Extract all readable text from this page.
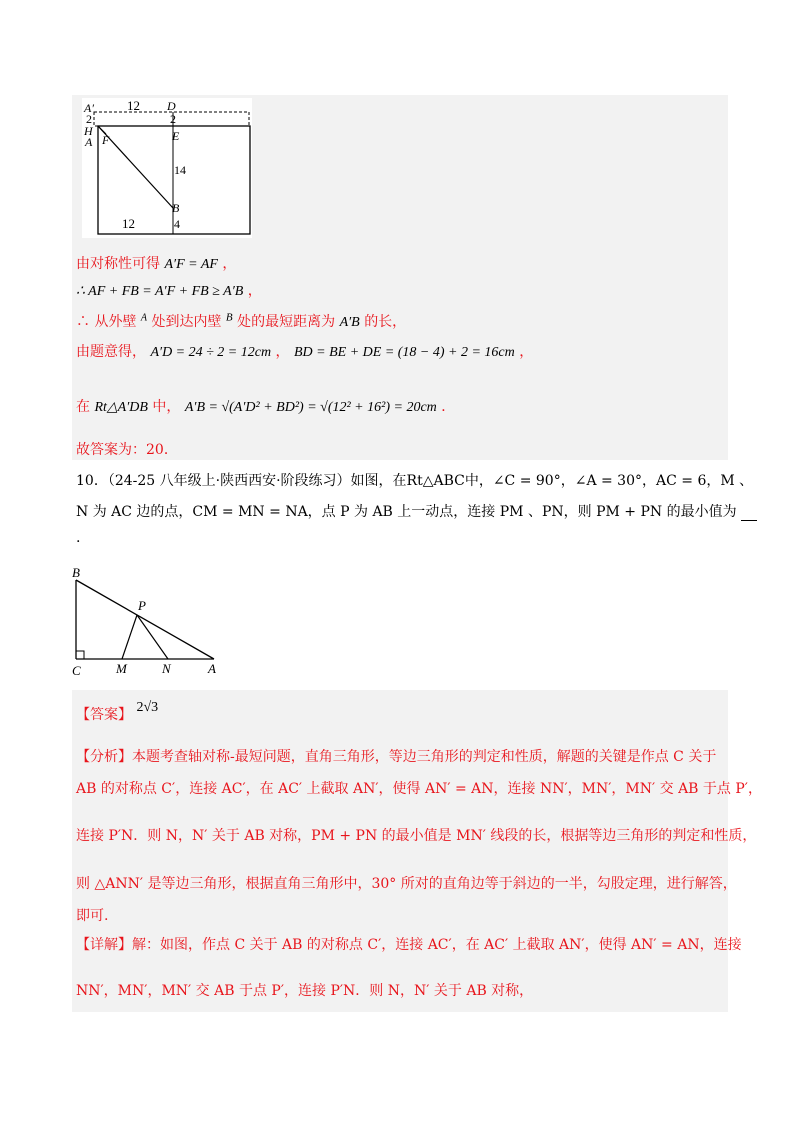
A′
2
H
A F
12 D
2
E
14
B
4
12
由对称性可得 A′F = AF ，
∴ AF + FB = A′F + FB ≥ A′B ，
∴ 从外壁 $^A$ 处到达内壁 $^B$ 处的最短距离为 A′B 的长，
由题意得， A′D = 24 ÷ 2 = 12cm ， BD = BE + DE = (18 − 4) + 2 = 16cm ，
在 Rt△A′DB 中， A′B = √(A′D² + BD²) = √(12² + 16²) = 20cm ．
故答案为：20．
10．（24-25 八年级上·陕西西安·阶段练习）如图，在Rt△ABC中，∠C = 90°，∠A = 30°，AC = 6，M 、
N 为 AC 边的点，CM = MN = NA，点 P 为 AB 上一动点，连接 PM 、PN，则 PM + PN 的最小值为
.
B
P
C	M	N	A
【答案】 2√3
【分析】本题考查轴对称-最短问题，直角三角形，等边三角形的判定和性质，解题的关键是作点 C 关于
AB 的对称点 C′，连接 AC′，在 AC′ 上截取 AN′，使得 AN′ = AN，连接 NN′，MN′，MN′ 交 AB 于点 P′，
连接 P′N．则 N，N′ 关于 AB 对称，PM + PN 的最小值是 MN′ 线段的长，根据等边三角形的判定和性质，
则 △ANN′ 是等边三角形，根据直角三角形中，30° 所对的直角边等于斜边的一半，勾股定理，进行解答，
即可.
【详解】解：如图，作点 C 关于 AB 的对称点 C′，连接 AC′，在 AC′ 上截取 AN′，使得 AN′ = AN，连接
NN′，MN′，MN′ 交 AB 于点 P′，连接 P′N．则 N，N′ 关于 AB 对称，
